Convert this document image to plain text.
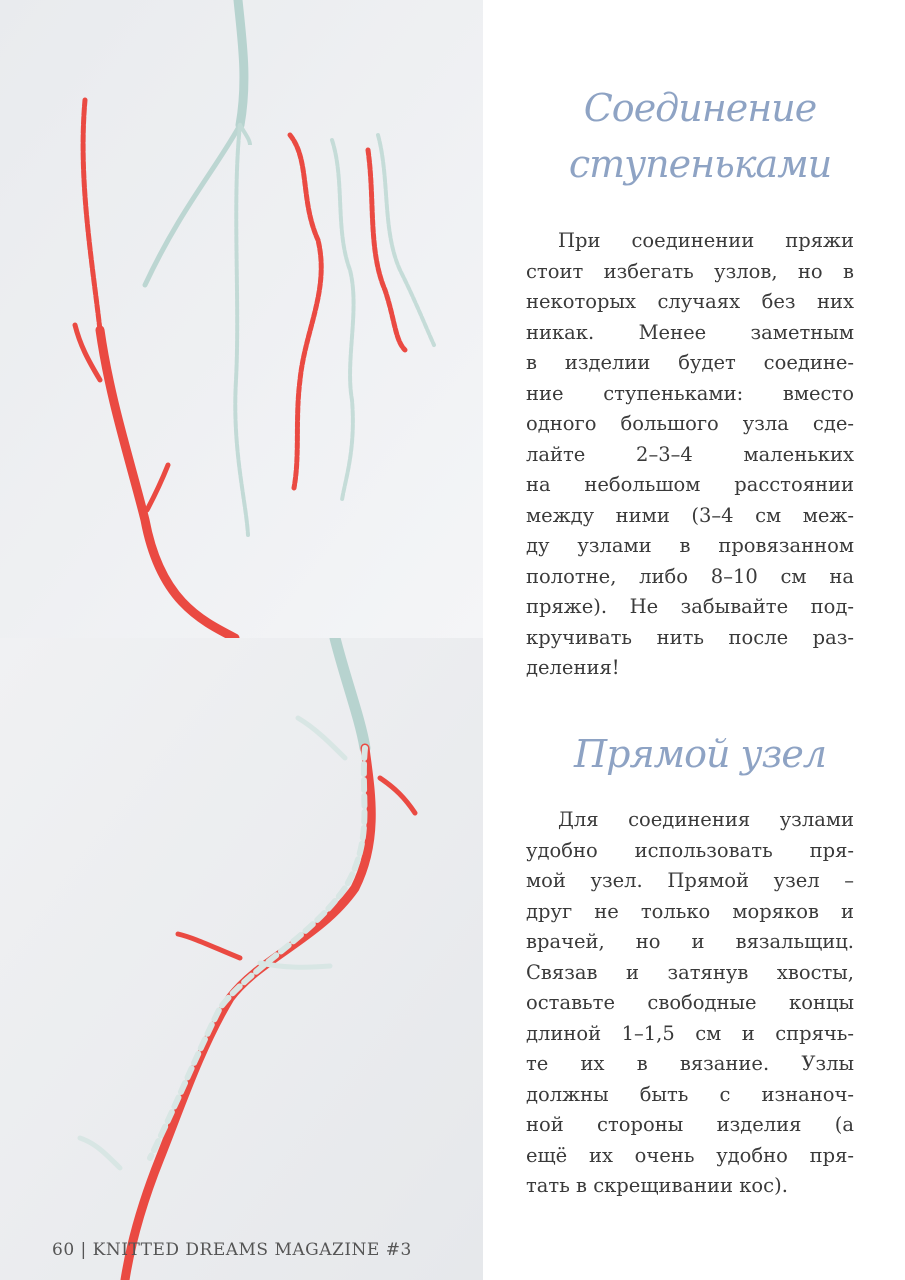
Соединение
ступеньками
При соединении пряжи
стоит избегать узлов, но в
некоторых случаях без них
никак. Менее заметным
в изделии будет соедине-
ние ступеньками: вместо
одного большого узла сде-
лайте 2–3–4 маленьких
на небольшом расстоянии
между ними (3–4 см меж-
ду узлами в провязанном
полотне, либо 8–10 см на
пряже). Не забывайте под-
кручивать нить после раз-
деления!
Прямой узел
Для соединения узлами
удобно использовать пря-
мой узел. Прямой узел –
друг не только моряков и
врачей, но и вязальщиц.
Связав и затянув хвосты,
оставьте свободные концы
длиной 1–1,5 см и спрячь-
те их в вязание. Узлы
должны быть с изнаноч-
ной стороны изделия (а
ещё их очень удобно пря-
тать в скрещивании кос).
60 | KNITTED DREAMS MAGAZINE #3
